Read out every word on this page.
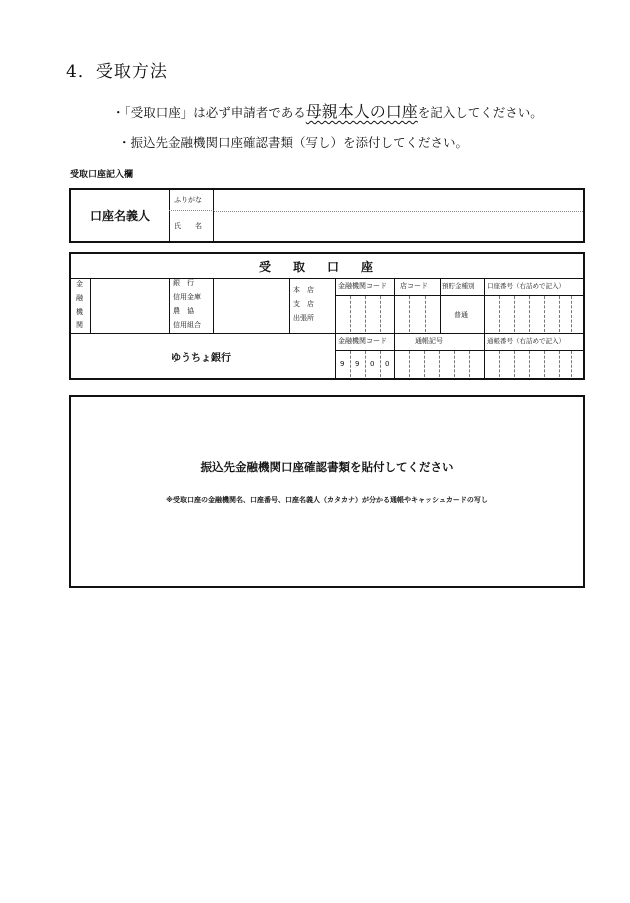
4．受取方法
・「受取口座」は必ず申請者である母親本人の口座を記入してください。
・振込先金融機関口座確認書類（写し）を添付してください。
受取口座記入欄
口座名義人
ふりがな
氏　　名
受取口座
金
融
機
関
銀　行
信用金庫
農　協
信用組合
本　店
支　店
出張所
金融機関コード 店コード 預貯金種別 口座番号（右詰めで記入）
普通
ゆうちょ銀行
金融機関コード	通帳記号	通帳番号（右詰めで記入）
9 9 0 0
振込先金融機関口座確認書類を貼付してください
※受取口座の金融機関名、口座番号、口座名義人（カタカナ）が分かる通帳やキャッシュカードの写し
